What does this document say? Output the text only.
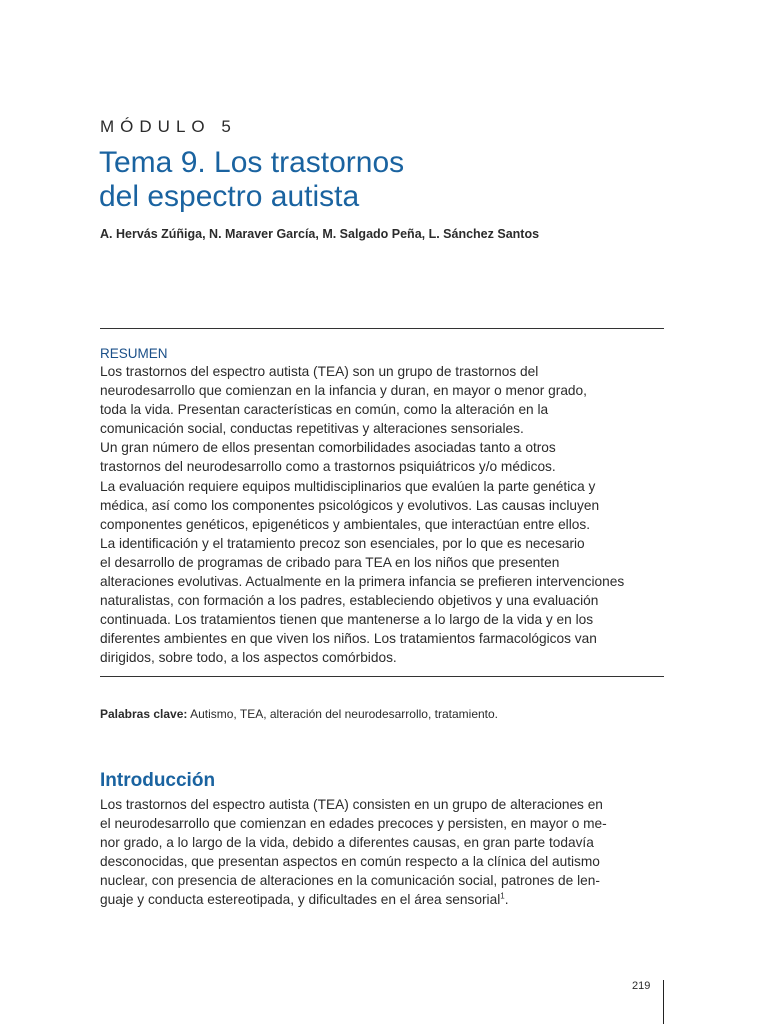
MÓDULO 5
Tema 9. Los trastornos
del espectro autista
A. Hervás Zúñiga, N. Maraver García, M. Salgado Peña, L. Sánchez Santos
RESUMEN
Los trastornos del espectro autista (TEA) son un grupo de trastornos del
neurodesarrollo que comienzan en la infancia y duran, en mayor o menor grado,
toda la vida. Presentan características en común, como la alteración en la
comunicación social, conductas repetitivas y alteraciones sensoriales.
Un gran número de ellos presentan comorbilidades asociadas tanto a otros
trastornos del neurodesarrollo como a trastornos psiquiátricos y/o médicos.
La evaluación requiere equipos multidisciplinarios que evalúen la parte genética y
médica, así como los componentes psicológicos y evolutivos. Las causas incluyen
componentes genéticos, epigenéticos y ambientales, que interactúan entre ellos.
La identificación y el tratamiento precoz son esenciales, por lo que es necesario
el desarrollo de programas de cribado para TEA en los niños que presenten
alteraciones evolutivas. Actualmente en la primera infancia se prefieren intervenciones
naturalistas, con formación a los padres, estableciendo objetivos y una evaluación
continuada. Los tratamientos tienen que mantenerse a lo largo de la vida y en los
diferentes ambientes en que viven los niños. Los tratamientos farmacológicos van
dirigidos, sobre todo, a los aspectos comórbidos.
Palabras clave: Autismo, TEA, alteración del neurodesarrollo, tratamiento.
Introducción
Los trastornos del espectro autista (TEA) consisten en un grupo de alteraciones en
el neurodesarrollo que comienzan en edades precoces y persisten, en mayor o me-
nor grado, a lo largo de la vida, debido a diferentes causas, en gran parte todavía
desconocidas, que presentan aspectos en común respecto a la clínica del autismo
nuclear, con presencia de alteraciones en la comunicación social, patrones de len-
guaje y conducta estereotipada, y dificultades en el área sensorial$^1$.
219
